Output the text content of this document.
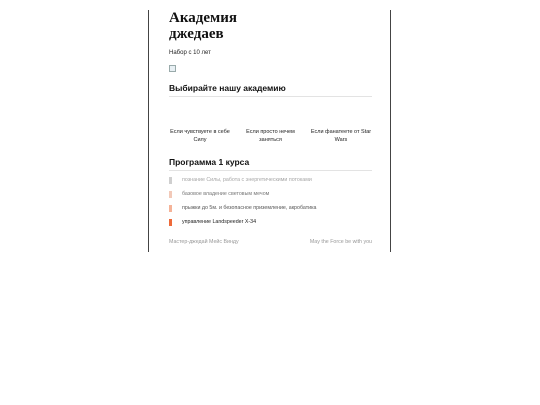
Академия
джедаев
Набор с 10 лет
Выбирайте нашу академию
Если чувствуете в себе Силу
Если просто нечем заняться
Если фанатеете от Star Wars
Программа 1 курса
познание Силы, работа с энергетическими потоками
базовое владение световым мечом
прыжки до 5м. и безопасное приземление, акробатика
управление Landspeeder X-34
Мастер-джедай Мейс Винду	May the Force be with you
